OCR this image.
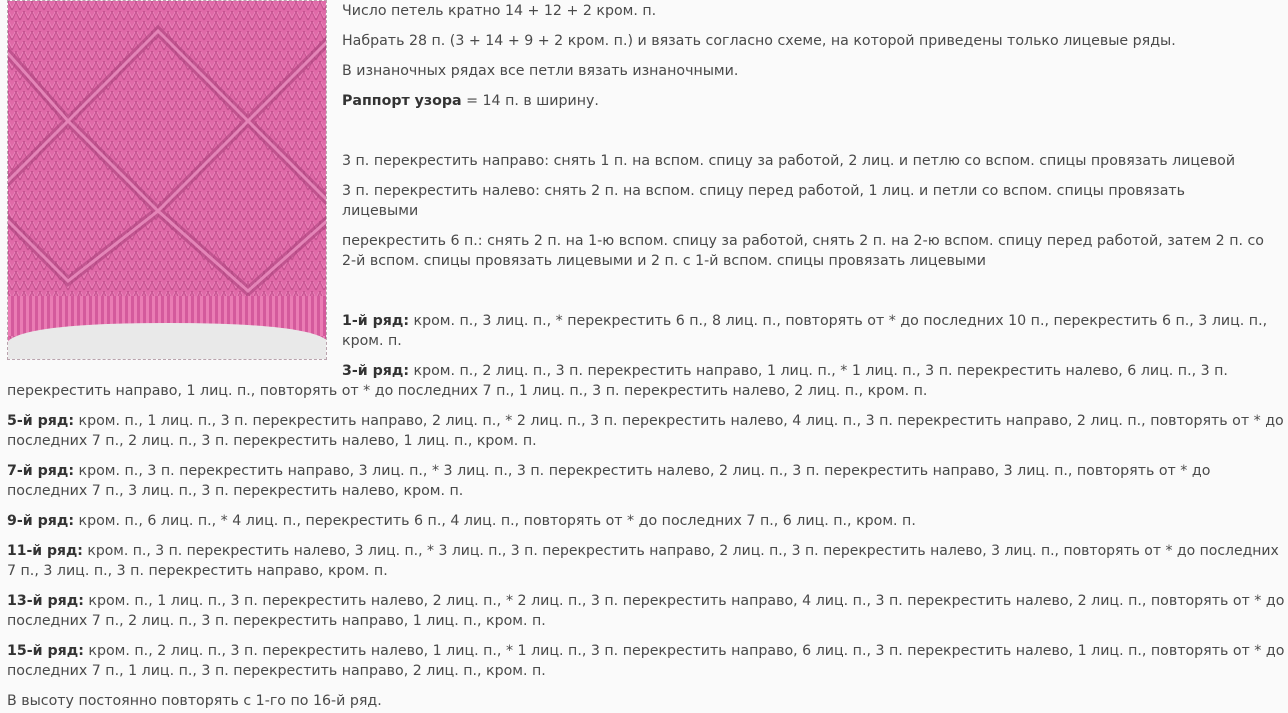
Число петель кратно 14 + 12 + 2 кром. п.
Набрать 28 п. (3 + 14 + 9 + 2 кром. п.) и вязать согласно схеме, на которой приведены только лицевые ряды.
В изнаночных рядах все петли вязать изнаночными.
Раппорт узора = 14 п. в ширину.
3 п. перекрестить направо: снять 1 п. на вспом. спицу за работой, 2 лиц. и петлю со вспом. спицы провязать лицевой
3 п. перекрестить налево: снять 2 п. на вспом. спицу перед работой, 1 лиц. и петли со вспом. спицы провязать
лицевыми
перекрестить 6 п.: снять 2 п. на 1-ю вспом. спицу за работой, снять 2 п. на 2-ю вспом. спицу перед работой, затем 2 п. со
2-й вспом. спицы провязать лицевыми и 2 п. с 1-й вспом. спицы провязать лицевыми
1-й ряд: кром. п., 3 лиц. п., * перекрестить 6 п., 8 лиц. п., повторять от * до последних 10 п., перекрестить 6 п., 3 лиц. п.,
кром. п.
3-й ряд: кром. п., 2 лиц. п., 3 п. перекрестить направо, 1 лиц. п., * 1 лиц. п., 3 п. перекрестить налево, 6 лиц. п., 3 п.
перекрестить направо, 1 лиц. п., повторять от * до последних 7 п., 1 лиц. п., 3 п. перекрестить налево, 2 лиц. п., кром. п.
5-й ряд: кром. п., 1 лиц. п., 3 п. перекрестить направо, 2 лиц. п., * 2 лиц. п., 3 п. перекрестить налево, 4 лиц. п., 3 п. перекрестить направо, 2 лиц. п., повторять от * до
последних 7 п., 2 лиц. п., 3 п. перекрестить налево, 1 лиц. п., кром. п.
7-й ряд: кром. п., 3 п. перекрестить направо, 3 лиц. п., * 3 лиц. п., 3 п. перекрестить налево, 2 лиц. п., 3 п. перекрестить направо, 3 лиц. п., повторять от * до
последних 7 п., 3 лиц. п., 3 п. перекрестить налево, кром. п.
9-й ряд: кром. п., 6 лиц. п., * 4 лиц. п., перекрестить 6 п., 4 лиц. п., повторять от * до последних 7 п., 6 лиц. п., кром. п.
11-й ряд: кром. п., 3 п. перекрестить налево, 3 лиц. п., * 3 лиц. п., 3 п. перекрестить направо, 2 лиц. п., 3 п. перекрестить налево, 3 лиц. п., повторять от * до последних
7 п., 3 лиц. п., 3 п. перекрестить направо, кром. п.
13-й ряд: кром. п., 1 лиц. п., 3 п. перекрестить налево, 2 лиц. п., * 2 лиц. п., 3 п. перекрестить направо, 4 лиц. п., 3 п. перекрестить налево, 2 лиц. п., повторять от * до
последних 7 п., 2 лиц. п., 3 п. перекрестить направо, 1 лиц. п., кром. п.
15-й ряд: кром. п., 2 лиц. п., 3 п. перекрестить налево, 1 лиц. п., * 1 лиц. п., 3 п. перекрестить направо, 6 лиц. п., 3 п. перекрестить налево, 1 лиц. п., повторять от * до
последних 7 п., 1 лиц. п., 3 п. перекрестить направо, 2 лиц. п., кром. п.
В высоту постоянно повторять с 1-го по 16-й ряд.
